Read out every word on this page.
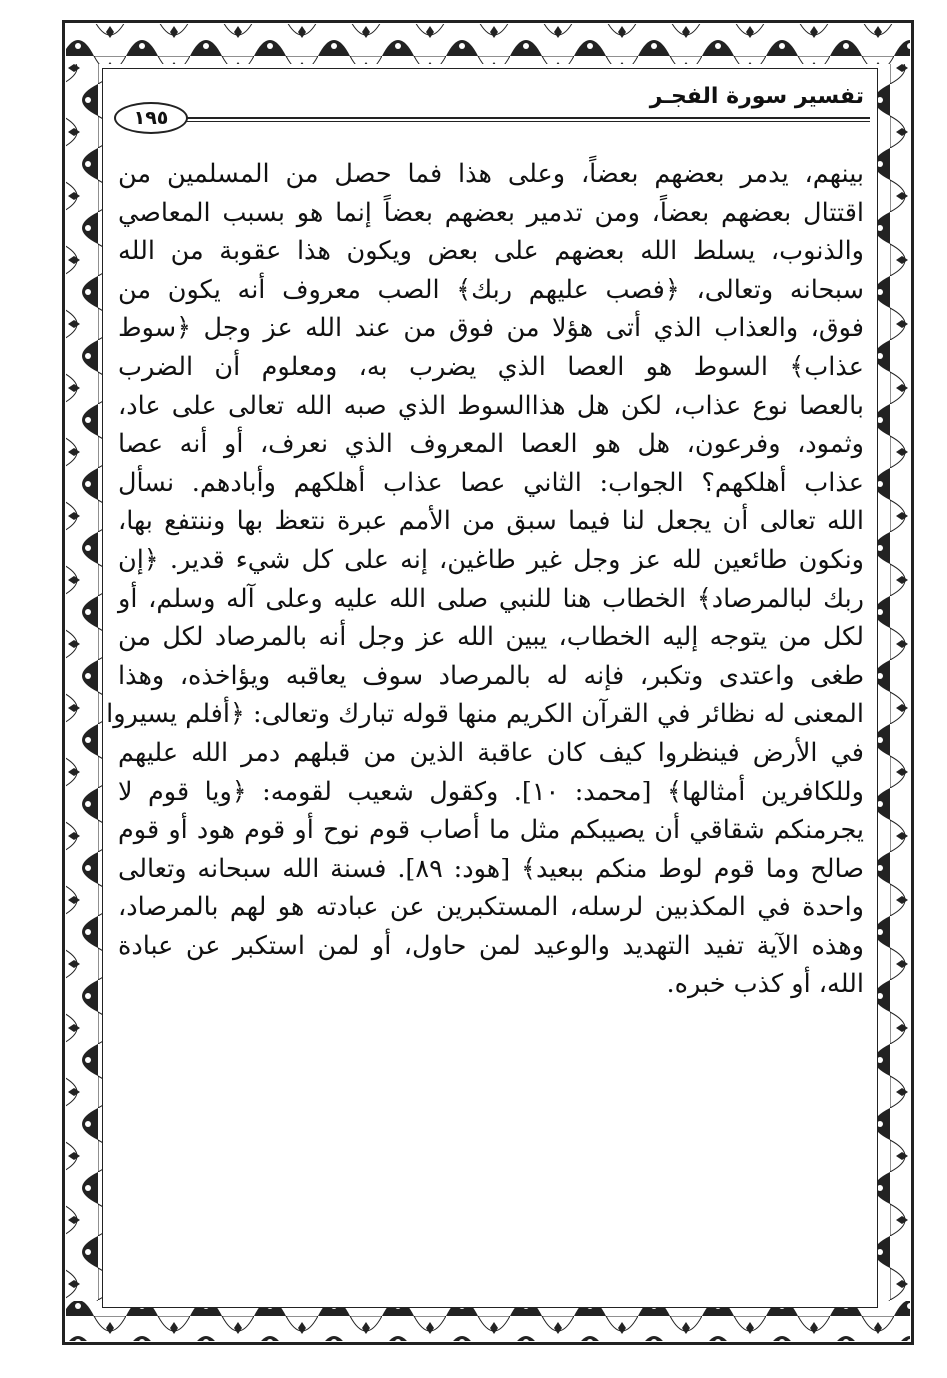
تفسير سورة الفجـر
١٩٥
بينهم، يدمر بعضهم بعضاً، وعلى هذا فما حصل من المسلمين من
اقتتال بعضهم بعضاً، ومن تدمير بعضهم بعضاً إنما هو بسبب المعاصي
والذنوب، يسلط الله بعضهم على بعض ويكون هذا عقوبة من الله
سبحانه وتعالى، ﴿فصب عليهم ربك﴾ الصب معروف أنه يكون من
فوق، والعذاب الذي أتى هؤلا من فوق من عند الله عز وجل ﴿سوط
عذاب﴾ السوط هو العصا الذي يضرب به، ومعلوم أن الضرب
بالعصا نوع عذاب، لكن هل هذاالسوط الذي صبه الله تعالى على عاد،
وثمود، وفرعون، هل هو العصا المعروف الذي نعرف، أو أنه عصا
عذاب أهلكهم؟ الجواب: الثاني عصا عذاب أهلكهم وأبادهم. نسأل
الله تعالى أن يجعل لنا فيما سبق من الأمم عبرة نتعظ بها وننتفع بها،
ونكون طائعين لله عز وجل غير طاغين، إنه على كل شيء قدير. ﴿إن
ربك لبالمرصاد﴾ الخطاب هنا للنبي صلى الله عليه وعلى آله وسلم، أو
لكل من يتوجه إليه الخطاب، يبين الله عز وجل أنه بالمرصاد لكل من
طغى واعتدى وتكبر، فإنه له بالمرصاد سوف يعاقبه ويؤاخذه، وهذا
المعنى له نظائر في القرآن الكريم منها قوله تبارك وتعالى: ﴿أفلم يسيروا
في الأرض فينظروا كيف كان عاقبة الذين من قبلهم دمر الله عليهم
وللكافرين أمثالها﴾ [محمد: ١٠]. وكقول شعيب لقومه: ﴿ويا قوم لا
يجرمنكم شقاقي أن يصيبكم مثل ما أصاب قوم نوح أو قوم هود أو قوم
صالح وما قوم لوط منكم ببعيد﴾ [هود: ٨٩]. فسنة الله سبحانه وتعالى
واحدة في المكذبين لرسله، المستكبرين عن عبادته هو لهم بالمرصاد،
وهذه الآية تفيد التهديد والوعيد لمن حاول، أو لمن استكبر عن عبادة
الله، أو كذب خبره.
